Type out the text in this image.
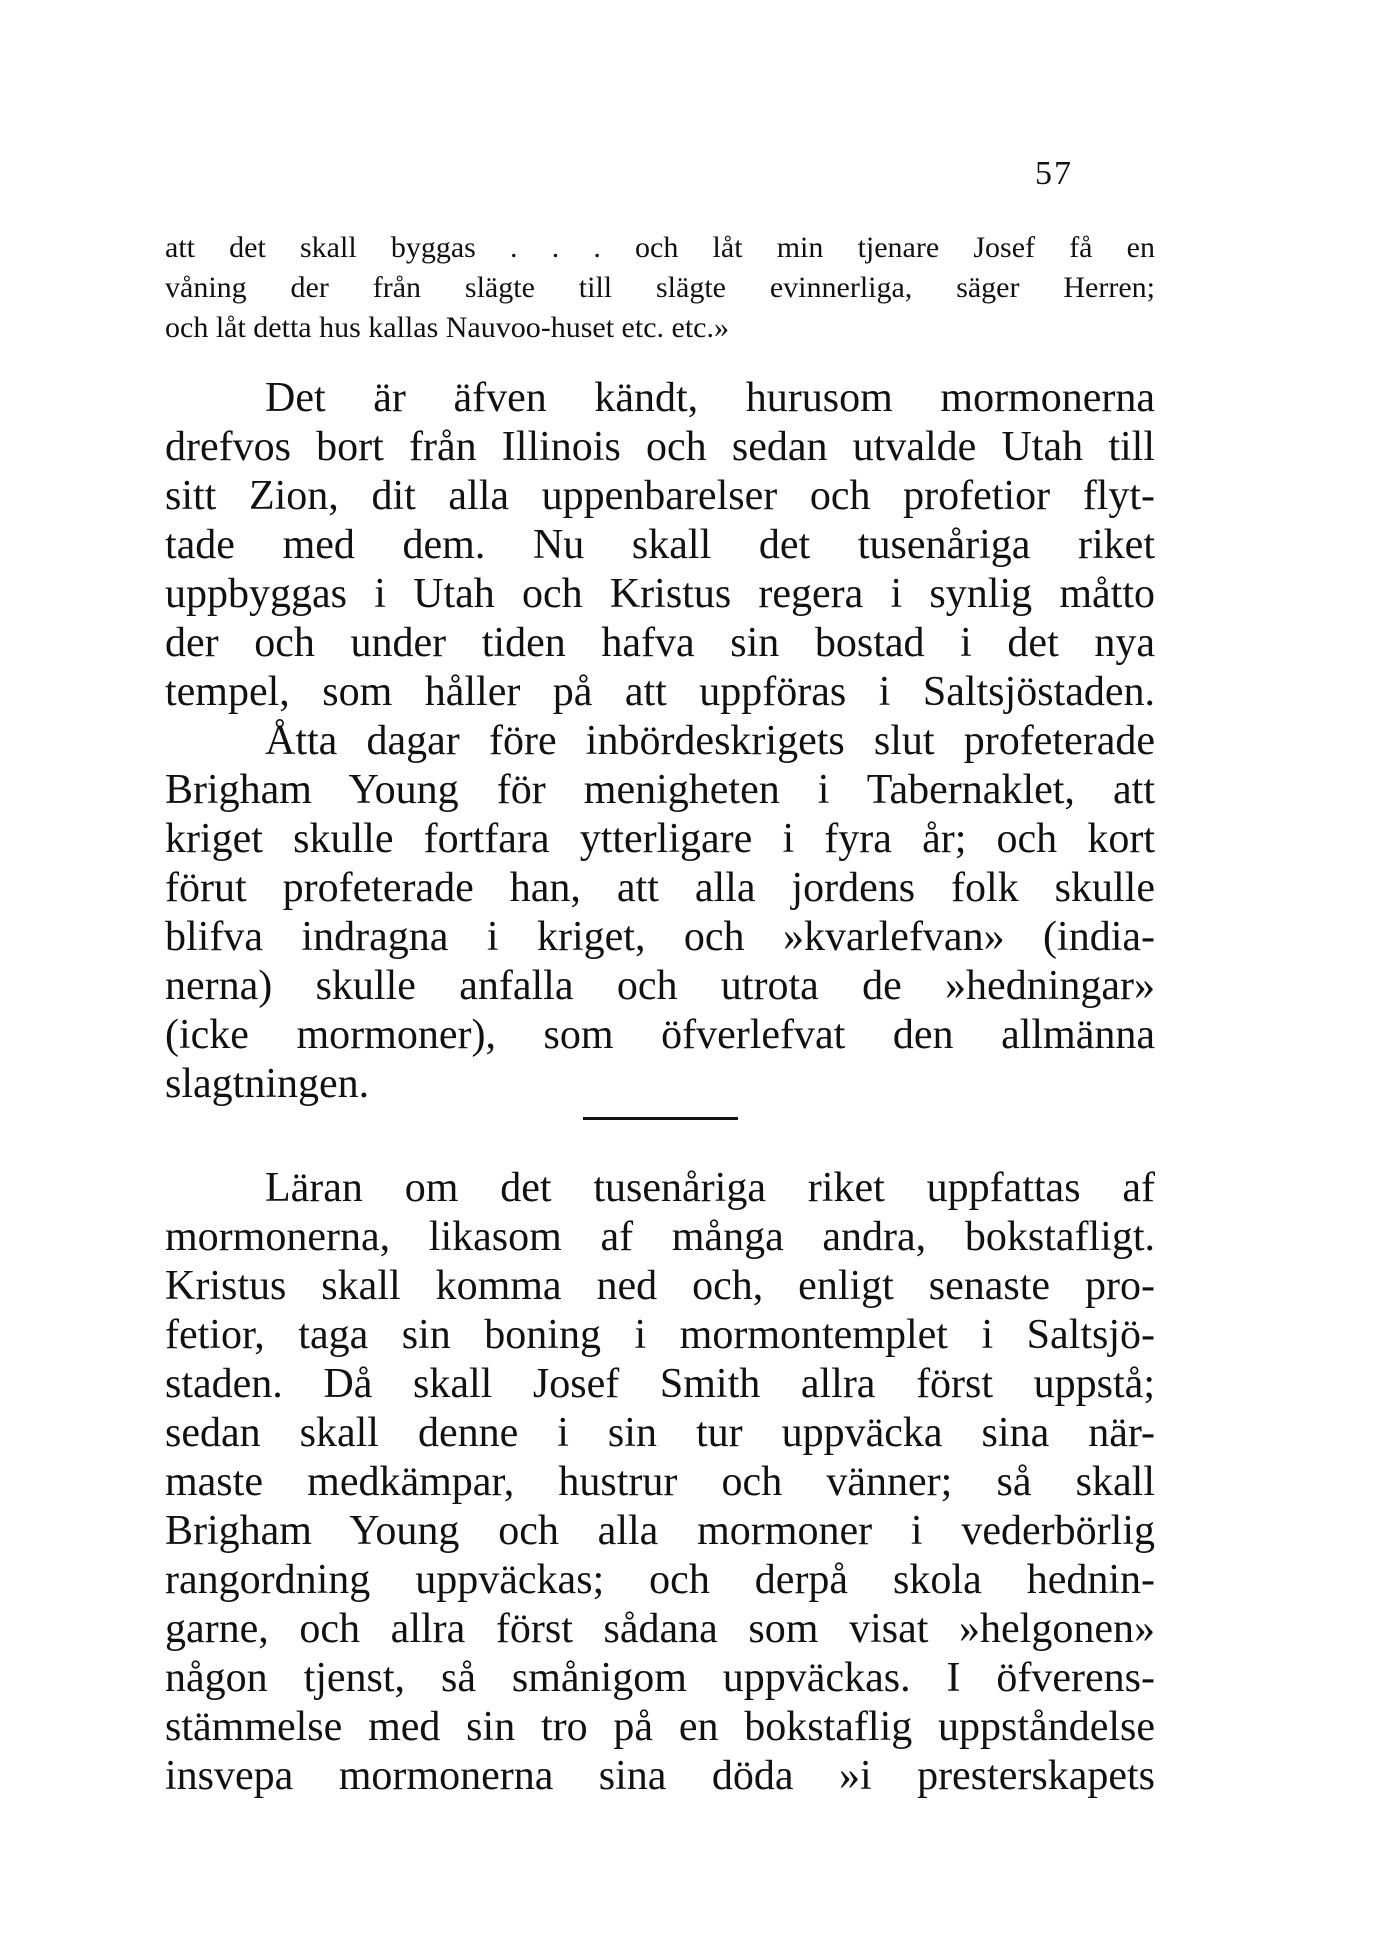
57
att det skall byggas . . . och låt min tjenare Josef få en
våning der från slägte till slägte evinnerliga, säger Herren;
och låt detta hus kallas Nauvoo-huset etc. etc.»
Det är äfven kändt, hurusom mormonerna
drefvos bort från Illinois och sedan utvalde Utah till
sitt Zion, dit alla uppenbarelser och profetior flyt-
tade med dem. Nu skall det tusenåriga riket
uppbyggas i Utah och Kristus regera i synlig måtto
der och under tiden hafva sin bostad i det nya
tempel, som håller på att uppföras i Saltsjöstaden.
Åtta dagar före inbördeskrigets slut profeterade
Brigham Young för menigheten i Tabernaklet, att
kriget skulle fortfara ytterligare i fyra år; och kort
förut profeterade han, att alla jordens folk skulle
blifva indragna i kriget, och »kvarlefvan» (india-
nerna) skulle anfalla och utrota de »hedningar»
(icke mormoner), som öfverlefvat den allmänna
slagtningen.
Läran om det tusenåriga riket uppfattas af
mormonerna, likasom af många andra, bokstafligt.
Kristus skall komma ned och, enligt senaste pro-
fetior, taga sin boning i mormontemplet i Saltsjö-
staden. Då skall Josef Smith allra först uppstå;
sedan skall denne i sin tur uppväcka sina när-
maste medkämpar, hustrur och vänner; så skall
Brigham Young och alla mormoner i vederbörlig
rangordning uppväckas; och derpå skola hednin-
garne, och allra först sådana som visat »helgonen»
någon tjenst, så smånigom uppväckas. I öfverens-
stämmelse med sin tro på en bokstaflig uppståndelse
insvepa mormonerna sina döda »i presterskapets
